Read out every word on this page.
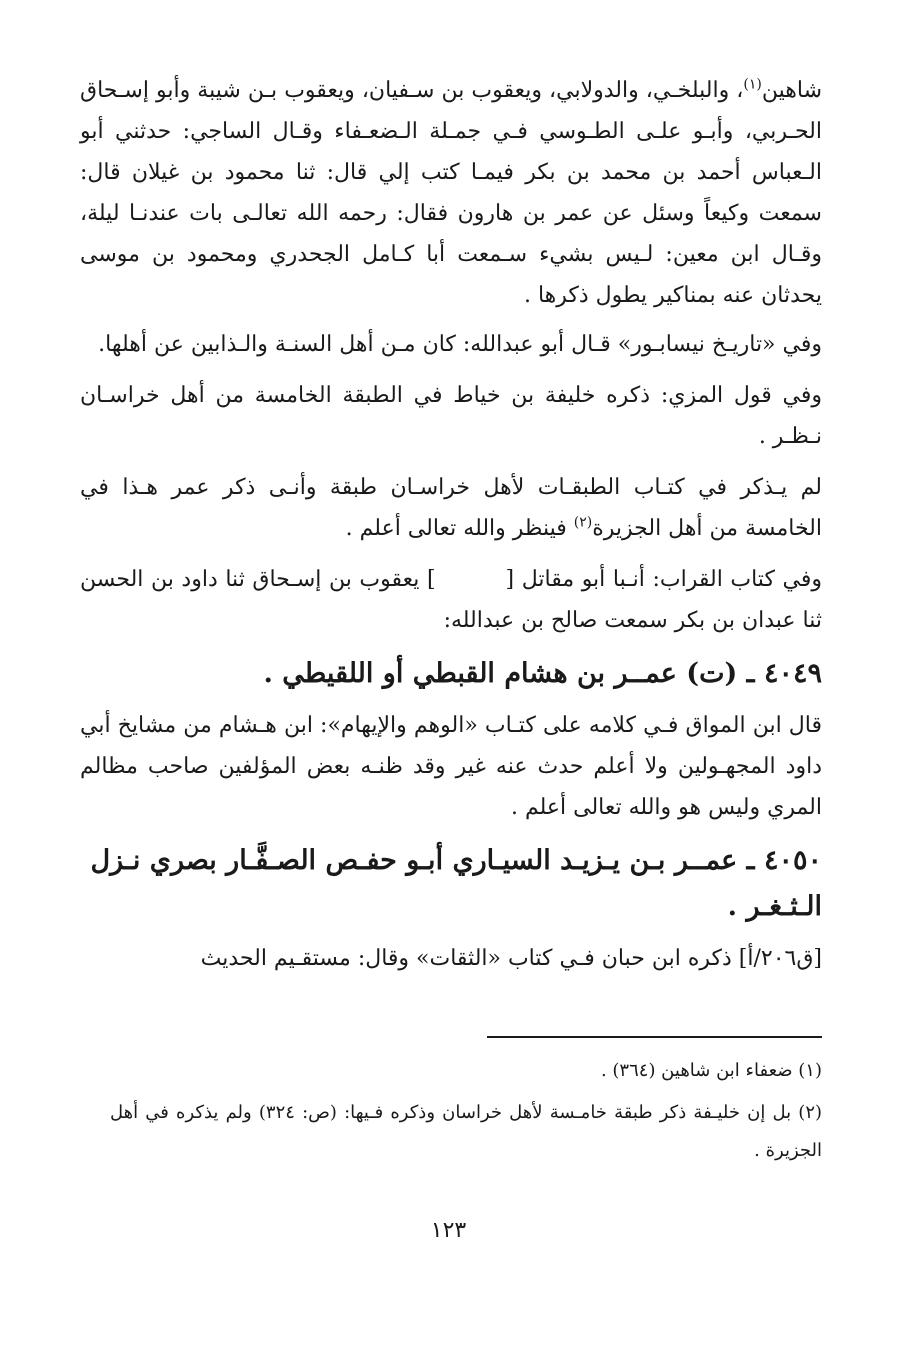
شاهين$^{(١)}$، والبلخـي، والدولابي، ويعقوب بن سـفيان، ويعقوب بـن شيبة وأبو إسـحاق الحـربي، وأبـو علـى الطـوسي فـي جمـلة الـضعـفاء وقـال الساجي: حدثني أبو الـعباس أحمد بن محمد بن بكر فيمـا كتب إلي قال: ثنا محمود بن غيلان قال: سمعت وكيعاً وسئل عن عمر بن هارون فقال: رحمه الله تعالـى بات عندنـا ليلة، وقـال ابن معين: لـيس بشيء سـمعت أبا كـامل الجحدري ومحمود بن موسى يحدثان عنه بمناكير يطول ذكرها .

وفي «تاريـخ نيسابـور» قـال أبو عبدالله: كان مـن أهل السنـة والـذابين عن أهلها.

وفي قول المزي: ذكره خليفة بن خياط في الطبقة الخامسة من أهل خراسـان نـظـر .

لم يـذكر في كتـاب الطبقـات لأهل خراسـان طبقة وأنـى ذكر عمر هـذا في الخامسة من أهل الجزيرة$^{(٢)}$ فينظر والله تعالى أعلم .

وفي كتاب القراب: أنـبا أبو مقاتل [] يعقوب بن إسـحاق ثنا داود بن الحسن ثنا عبدان بن بكر سمعت صالح بن عبدالله:

٤٠٤٩ ـ (ت) عمــر بن هشام القبطي أو اللقيطي .

قال ابن المواق فـي كلامه على كتـاب «الوهم والإيهام»: ابن هـشام من مشايخ أبي داود المجهـولين ولا أعلم حدث عنه غير وقد ظنـه بعض المؤلفين صاحب مظالم المري وليس هو والله تعالى أعلم .

٤٠٥٠ ـ عمــر بـن يـزيـد السيـاري أبـو حفـص الصـفَّـار بصري نـزل الـثـغـر .

[ق٢٠٦/أ] ذكره ابن حبان فـي كتاب «الثقات» وقال: مستقـيم الحديث

(١) ضعفاء ابن شاهين (٣٦٤) .

(٢) بل إن خليـفة ذكر طبقة خامـسة لأهل خراسان وذكره فـيها: (ص: ٣٢٤) ولم يذكره في أهل الجزيرة .

١٢٣
